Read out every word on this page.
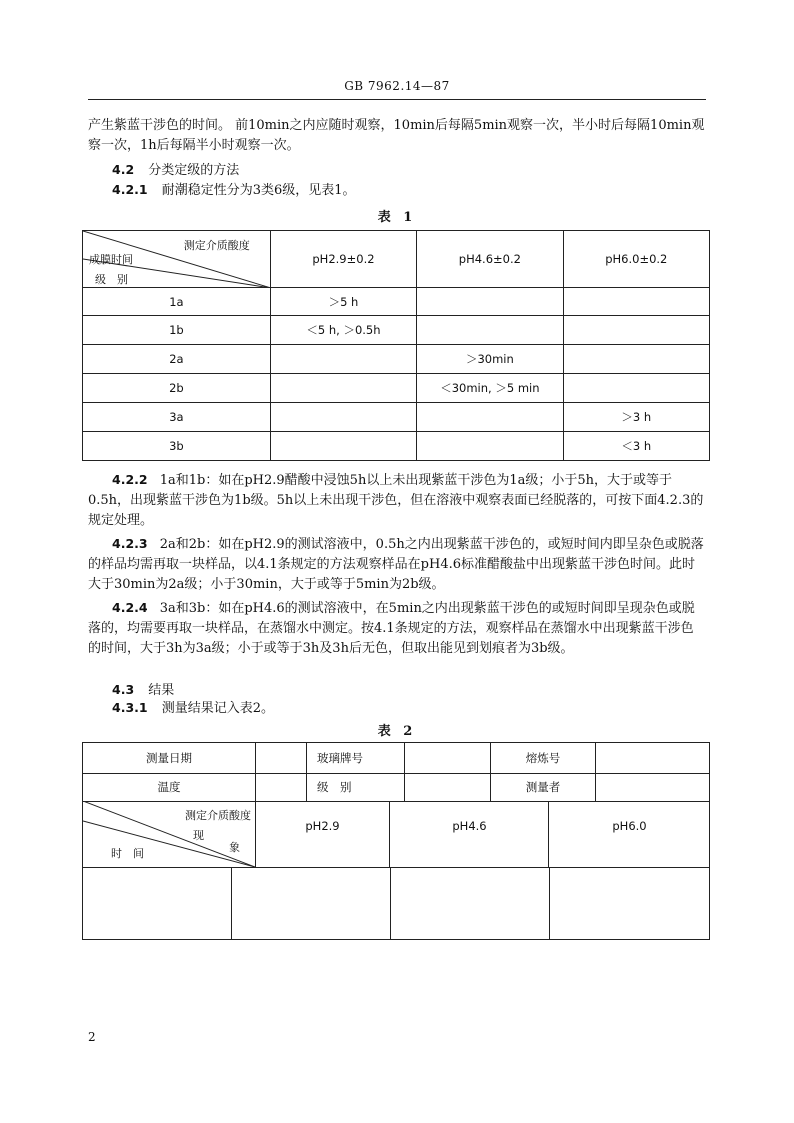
GB 7962.14—87
产生紫蓝干涉色的时间。 前10min之内应随时观察，10min后每隔5min观察一次，半小时后每隔10min观察一次，1h后每隔半小时观察一次。
4.2 分类定级的方法
4.2.1 耐潮稳定性分为3类6级，见表1。
表 1
测定介质酸度
成膜时间
级　别	pH2.9±0.2	pH4.6±0.2	pH6.0±0.2
1a	＞5 h		
1b	＜5 h, ＞0.5h		
2a		＞30min	
2b		＜30min, ＞5 min	
3a			＞3 h
3b			＜3 h
4.2.2 1a和1b：如在pH2.9醋酸中浸蚀5h以上未出现紫蓝干涉色为1a级；小于5h，大于或等于0.5h，出现紫蓝干涉色为1b级。5h以上未出现干涉色，但在溶液中观察表面已经脱落的，可按下面4.2.3的规定处理。
4.2.3 2a和2b：如在pH2.9的测试溶液中，0.5h之内出现紫蓝干涉色的，或短时间内即呈杂色或脱落的样品均需再取一块样品，以4.1条规定的方法观察样品在pH4.6标准醋酸盐中出现紫蓝干涉色时间。此时大于30min为2a级；小于30min，大于或等于5min为2b级。
4.2.4 3a和3b：如在pH4.6的测试溶液中，在5min之内出现紫蓝干涉色的或短时间即呈现杂色或脱落的，均需要再取一块样品，在蒸馏水中测定。按4.1条规定的方法，观察样品在蒸馏水中出现紫蓝干涉色的时间，大于3h为3a级；小于或等于3h及3h后无色，但取出能见到划痕者为3b级。
4.3 结果
4.3.1 测量结果记入表2。
表 2
测量日期	玻璃牌号	熔炼号
温度	级　别	测量者
测定介质酸度
现
象
时　间
pH2.9	pH4.6	pH6.0
2
